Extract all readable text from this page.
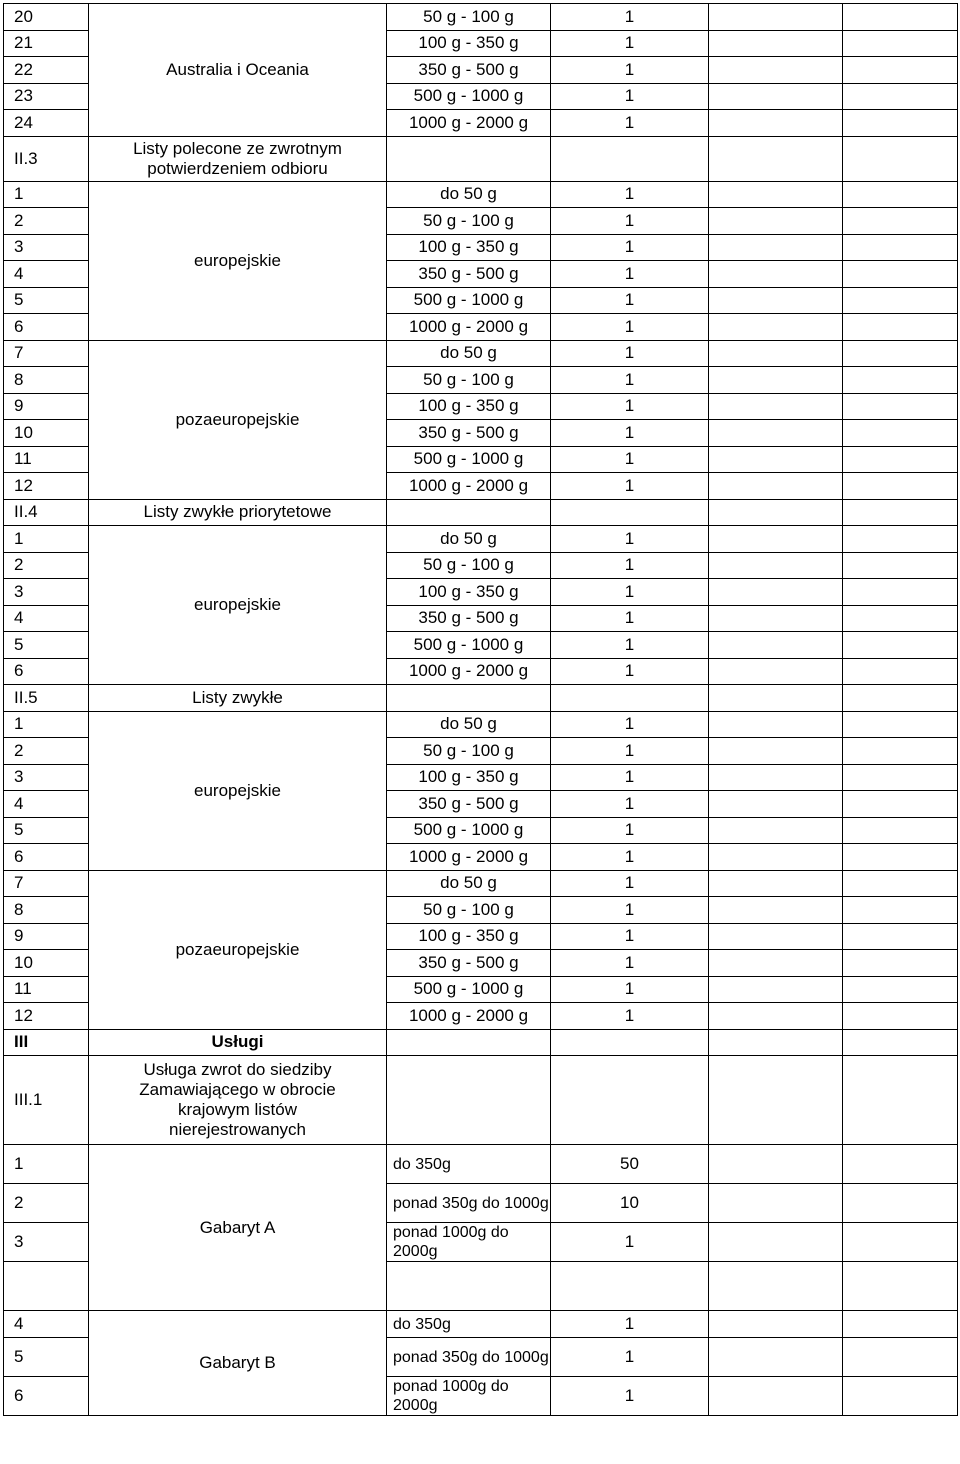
20	Australia i Oceania	50 g - 100 g	1		
21		100 g - 350 g	1		
22		350 g - 500 g	1		
23		500 g - 1000 g	1		
24		1000 g - 2000 g	1		
II.3	Listy polecone ze zwrotnym potwierdzeniem odbioru				
1	europejskie	do 50 g	1		
2		50 g - 100 g	1		
3		100 g - 350 g	1		
4		350 g - 500 g	1		
5		500 g - 1000 g	1		
6		1000 g - 2000 g	1		
7	pozaeuropejskie	do 50 g	1		
8		50 g - 100 g	1		
9		100 g - 350 g	1		
10		350 g - 500 g	1		
11		500 g - 1000 g	1		
12		1000 g - 2000 g	1		
II.4	Listy zwykłe priorytetowe				
1	europejskie	do 50 g	1		
2		50 g - 100 g	1		
3		100 g - 350 g	1		
4		350 g - 500 g	1		
5		500 g - 1000 g	1		
6		1000 g - 2000 g	1		
II.5	Listy zwykłe				
1	europejskie	do 50 g	1		
2		50 g - 100 g	1		
3		100 g - 350 g	1		
4		350 g - 500 g	1		
5		500 g - 1000 g	1		
6		1000 g - 2000 g	1		
7	pozaeuropejskie	do 50 g	1		
8		50 g - 100 g	1		
9		100 g - 350 g	1		
10		350 g - 500 g	1		
11		500 g - 1000 g	1		
12		1000 g - 2000 g	1		
III	Usługi				
III.1	Usługa zwrot do siedziby Zamawiającego w obrocie krajowym listów nierejestrowanych				
1	Gabaryt A	do 350g	50		
2		ponad 350g do 1000g	10		
3		ponad 1000g do 2000g	1		

4	Gabaryt B	do 350g	1		
5		ponad 350g do 1000g	1		
6		ponad 1000g do 2000g	1		
